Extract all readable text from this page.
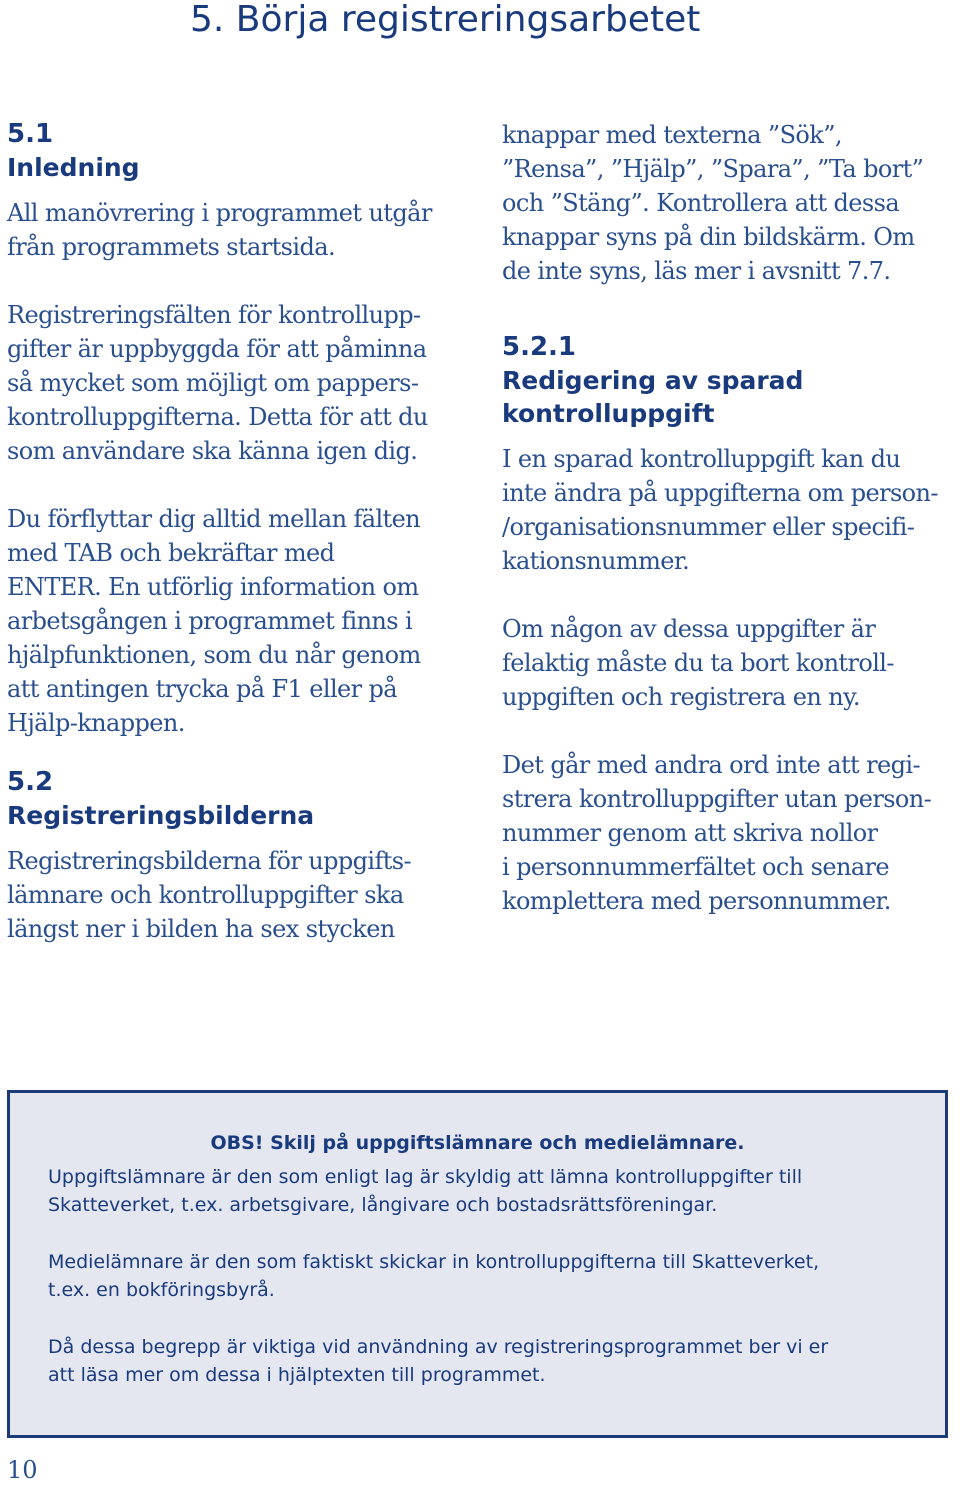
5. Börja registreringsarbetet

5.1

Inledning

All manövrering i programmet utgår
från programmets startsida.

Registreringsfälten för kontrollupp-
gifter är uppbyggda för att påminna
så mycket som möjligt om pappers-
kontrolluppgifterna. Detta för att du
som användare ska känna igen dig.

Du förflyttar dig alltid mellan fälten
med TAB och bekräftar med
ENTER. En utförlig information om
arbetsgången i programmet finns i
hjälpfunktionen, som du når genom
att antingen trycka på F1 eller på
Hjälp-knappen.

5.2

Registreringsbilderna

Registreringsbilderna för uppgifts-
lämnare och kontrolluppgifter ska
längst ner i bilden ha sex stycken

knappar med texterna ”Sök”,
”Rensa”, ”Hjälp”, ”Spara”, ”Ta bort”
och ”Stäng”. Kontrollera att dessa
knappar syns på din bildskärm. Om
de inte syns, läs mer i avsnitt 7.7.

5.2.1

Redigering av sparad

kontrolluppgift

I en sparad kontrolluppgift kan du
inte ändra på uppgifterna om person-
/organisationsnummer eller specifi-
kationsnummer.

Om någon av dessa uppgifter är
felaktig måste du ta bort kontroll-
uppgiften och registrera en ny.

Det går med andra ord inte att regi-
strera kontrolluppgifter utan person-
nummer genom att skriva nollor
i personnummerfältet och senare
komplettera med personnummer.

OBS! Skilj på uppgiftslämnare och medielämnare.

Uppgiftslämnare är den som enligt lag är skyldig att lämna kontrolluppgifter till
Skatteverket, t.ex. arbetsgivare, långivare och bostadsrättsföreningar.

Medielämnare är den som faktiskt skickar in kontrolluppgifterna till Skatteverket,
t.ex. en bokföringsbyrå.

Då dessa begrepp är viktiga vid användning av registreringsprogrammet ber vi er
att läsa mer om dessa i hjälptexten till programmet.

10
